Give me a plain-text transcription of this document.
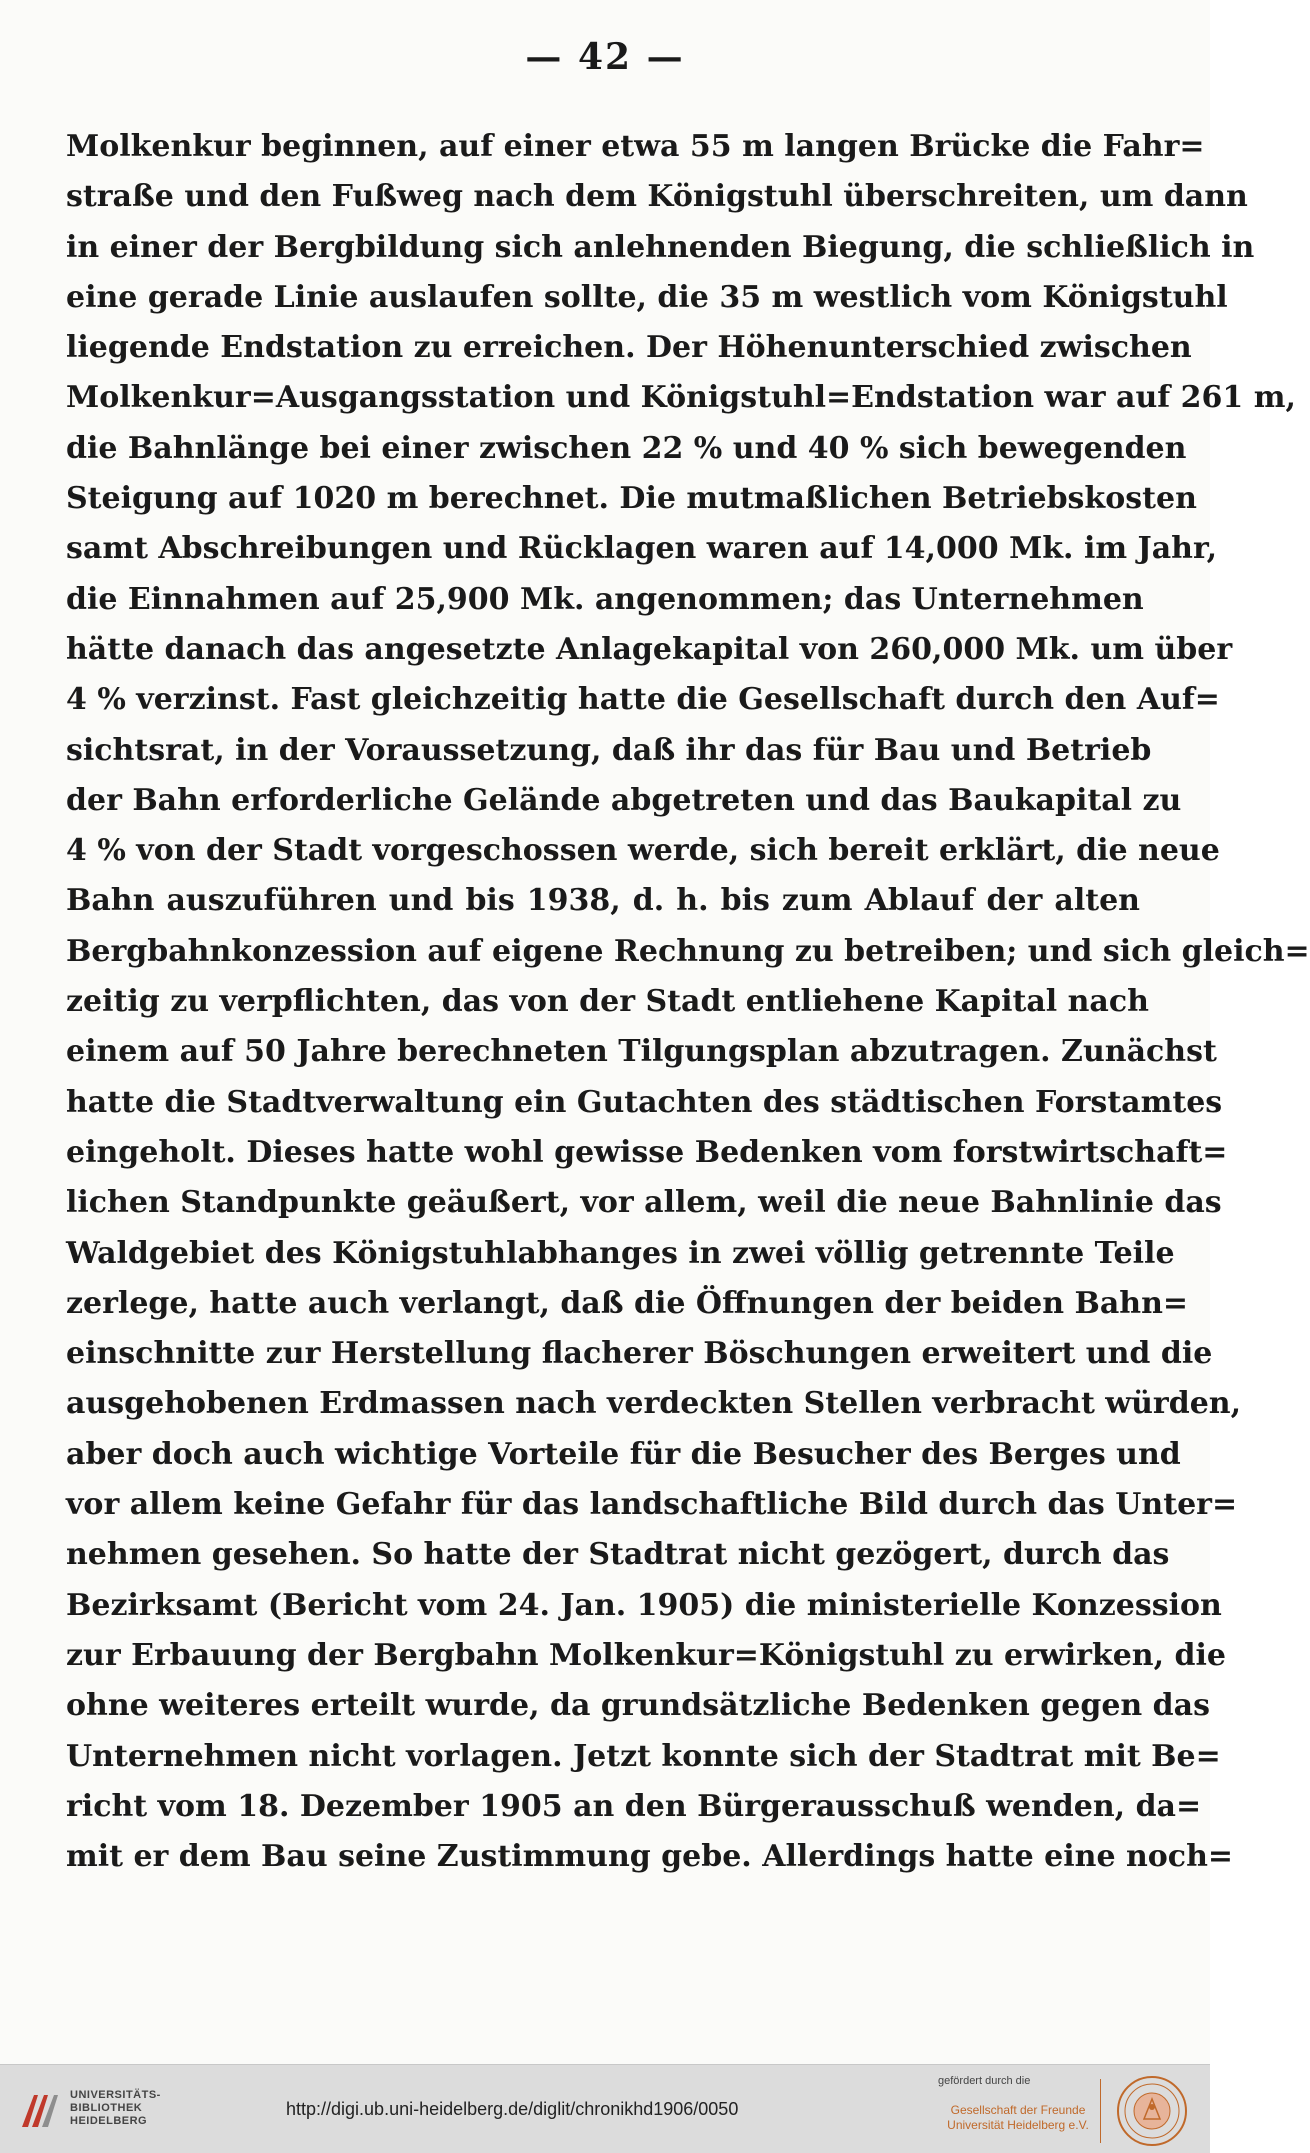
— 42 —
Molkenkur beginnen, auf einer etwa 55 m langen Brücke die Fahr=
straße und den Fußweg nach dem Königstuhl überschreiten, um dann
in einer der Bergbildung sich anlehnenden Biegung, die schließlich in
eine gerade Linie auslaufen sollte, die 35 m westlich vom Königstuhl
liegende Endstation zu erreichen. Der Höhenunterschied zwischen
Molkenkur=Ausgangsstation und Königstuhl=Endstation war auf 261 m,
die Bahnlänge bei einer zwischen 22 % und 40 % sich bewegenden
Steigung auf 1020 m berechnet. Die mutmaßlichen Betriebskosten
samt Abschreibungen und Rücklagen waren auf 14,000 Mk. im Jahr,
die Einnahmen auf 25,900 Mk. angenommen; das Unternehmen
hätte danach das angesetzte Anlagekapital von 260,000 Mk. um über
4 % verzinst. Fast gleichzeitig hatte die Gesellschaft durch den Auf=
sichtsrat, in der Voraussetzung, daß ihr das für Bau und Betrieb
der Bahn erforderliche Gelände abgetreten und das Baukapital zu
4 % von der Stadt vorgeschossen werde, sich bereit erklärt, die neue
Bahn auszuführen und bis 1938, d. h. bis zum Ablauf der alten
Bergbahnkonzession auf eigene Rechnung zu betreiben; und sich gleich=
zeitig zu verpflichten, das von der Stadt entliehene Kapital nach
einem auf 50 Jahre berechneten Tilgungsplan abzutragen. Zunächst
hatte die Stadtverwaltung ein Gutachten des städtischen Forstamtes
eingeholt. Dieses hatte wohl gewisse Bedenken vom forstwirtschaft=
lichen Standpunkte geäußert, vor allem, weil die neue Bahnlinie das
Waldgebiet des Königstuhlabhanges in zwei völlig getrennte Teile
zerlege, hatte auch verlangt, daß die Öffnungen der beiden Bahn=
einschnitte zur Herstellung flacherer Böschungen erweitert und die
ausgehobenen Erdmassen nach verdeckten Stellen verbracht würden,
aber doch auch wichtige Vorteile für die Besucher des Berges und
vor allem keine Gefahr für das landschaftliche Bild durch das Unter=
nehmen gesehen. So hatte der Stadtrat nicht gezögert, durch das
Bezirksamt (Bericht vom 24. Jan. 1905) die ministerielle Konzession
zur Erbauung der Bergbahn Molkenkur=Königstuhl zu erwirken, die
ohne weiteres erteilt wurde, da grundsätzliche Bedenken gegen das
Unternehmen nicht vorlagen. Jetzt konnte sich der Stadtrat mit Be=
richt vom 18. Dezember 1905 an den Bürgerausschuß wenden, da=
mit er dem Bau seine Zustimmung gebe. Allerdings hatte eine noch=
UNIVERSITÄTS-
BIBLIOTHEK
HEIDELBERG
http://digi.ub.uni-heidelberg.de/diglit/chronikhd1906/0050
gefördert durch die
Gesellschaft der Freunde
Universität Heidelberg e.V.
